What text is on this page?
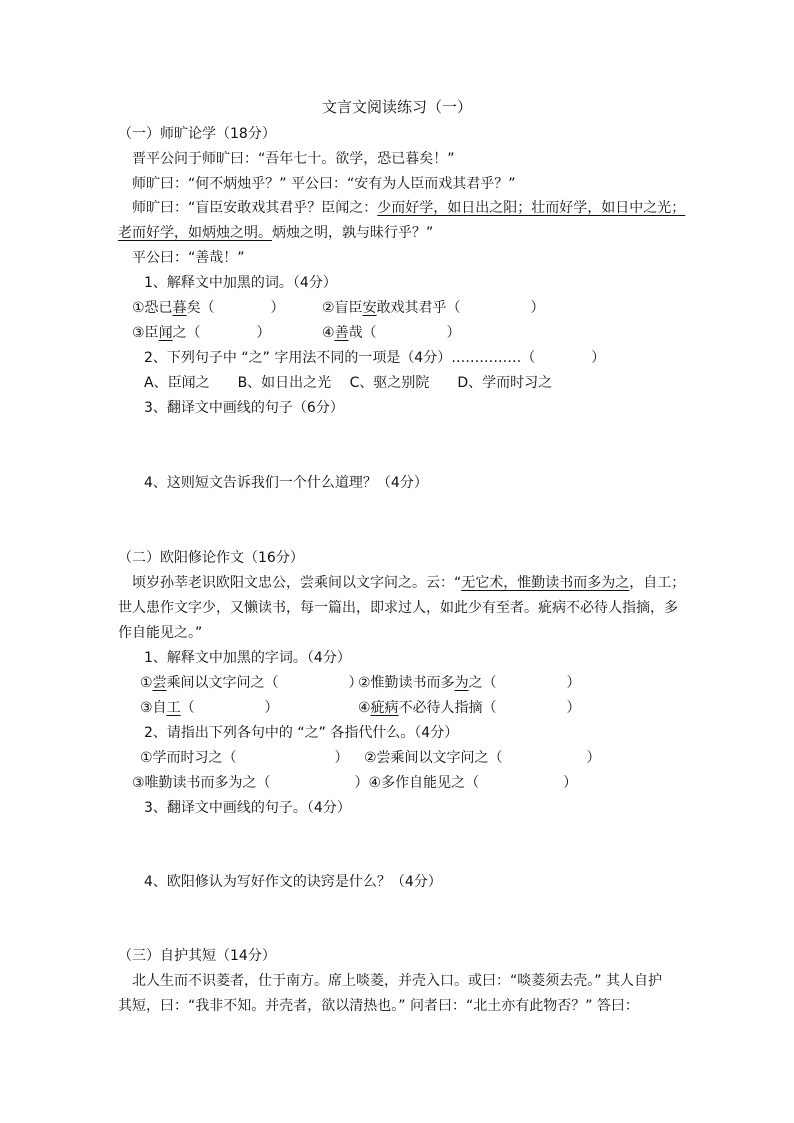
文言文阅读练习（一）
（一）师旷论学（18分）
晋平公问于师旷曰：“吾年七十。欲学，恐已暮矣！”
师旷曰：“何不炳烛乎？” 平公曰：“安有为人臣而戏其君乎？”
师旷曰：“盲臣安敢戏其君乎？臣闻之：少而好学，如日出之阳；壮而好学，如日中之光；
老而好学，如炳烛之明。炳烛之明，孰与昧行乎？”
平公曰：“善哉！”
1、解释文中加黑的词。（4分）
①恐已暮矣（　　　　）	②盲臣安敢戏其君乎（　　　　　）
③臣闻之（　　　　）	④善哉（　　　　　）
2、下列句子中 “之” 字用法不同的一项是（4分）……………（　　　　）
A、臣闻之　　B、如日出之光　 C、驱之别院　　D、学而时习之
3、翻译文中画线的句子（6分）
4、这则短文告诉我们一个什么道理？（4分）
（二）欧阳修论作文（16分）
顷岁孙莘老识欧阳文忠公，尝乘间以文字问之。云：“无它术，惟勤读书而多为之，自工；
世人患作文字少，又懒读书，每一篇出，即求过人，如此少有至者。疵病不必待人指摘，多
作自能见之。”
1、解释文中加黑的字词。（4分）
①尝乘间以文字问之（　　　　　）
②惟勤读书而多为之（　　　　　）
③自工（　　　　　）	④疵病不必待人指摘（　　　　　）
2、请指出下列各句中的 “之” 各指代什么。（4分）
①学而时习之（　　　　　　　） ②尝乘间以文字问之（　　　　　　）
③唯勤读书而多为之（　　　　　　）④多作自能见之（　　　　　　）
3、翻译文中画线的句子。（4分）
4、欧阳修认为写好作文的诀窍是什么？（4分）
（三）自护其短（14分）
北人生而不识菱者，仕于南方。席上啖菱，并壳入口。或曰：“啖菱须去壳。” 其人自护
其短，曰：“我非不知。并壳者，欲以清热也。” 问者曰：“北土亦有此物否？” 答曰：
